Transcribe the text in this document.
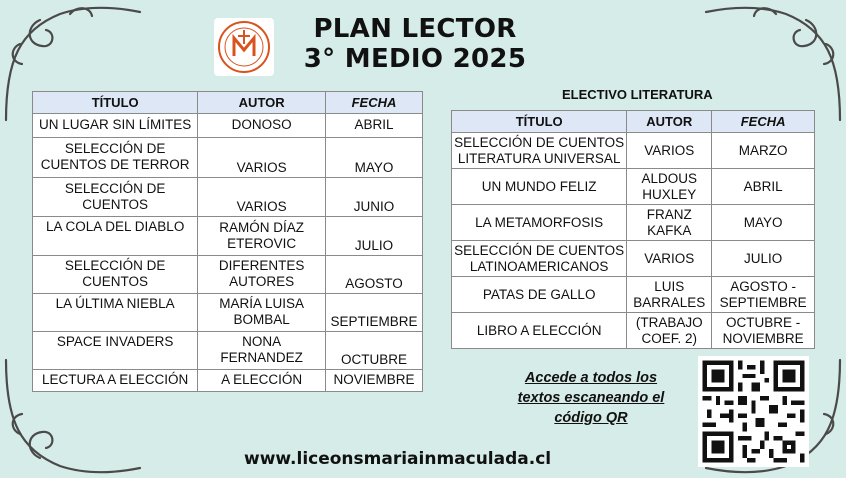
PLAN LECTOR
3° MEDIO 2025
TÍTULO	AUTOR	FECHA
UN LUGAR SIN LÍMITES	DONOSO	ABRIL
SELECCIÓN DE CUENTOS DE TERROR	VARIOS	MAYO
SELECCIÓN DE CUENTOS	VARIOS	JUNIO
LA COLA DEL DIABLO	RAMÓN DÍAZ ETEROVIC	JULIO
SELECCIÓN DE CUENTOS	DIFERENTES AUTORES	AGOSTO
LA ÚLTIMA NIEBLA	MARÍA LUISA BOMBAL	SEPTIEMBRE
SPACE INVADERS	NONA FERNANDEZ	OCTUBRE
LECTURA A ELECCIÓN	A ELECCIÓN	NOVIEMBRE
ELECTIVO LITERATURA
TÍTULO	AUTOR	FECHA
SELECCIÓN DE CUENTOS LITERATURA UNIVERSAL	VARIOS	MARZO
UN MUNDO FELIZ	ALDOUS HUXLEY	ABRIL
LA METAMORFOSIS	FRANZ KAFKA	MAYO
SELECCIÓN DE CUENTOS LATINOAMERICANOS	VARIOS	JULIO
PATAS DE GALLO	LUIS BARRALES	AGOSTO - SEPTIEMBRE
LIBRO A ELECCIÓN	(TRABAJO COEF. 2)	OCTUBRE - NOVIEMBRE
Accede a todos los
textos escaneando el
código QR
www.liceonsmariainmaculada.cl
